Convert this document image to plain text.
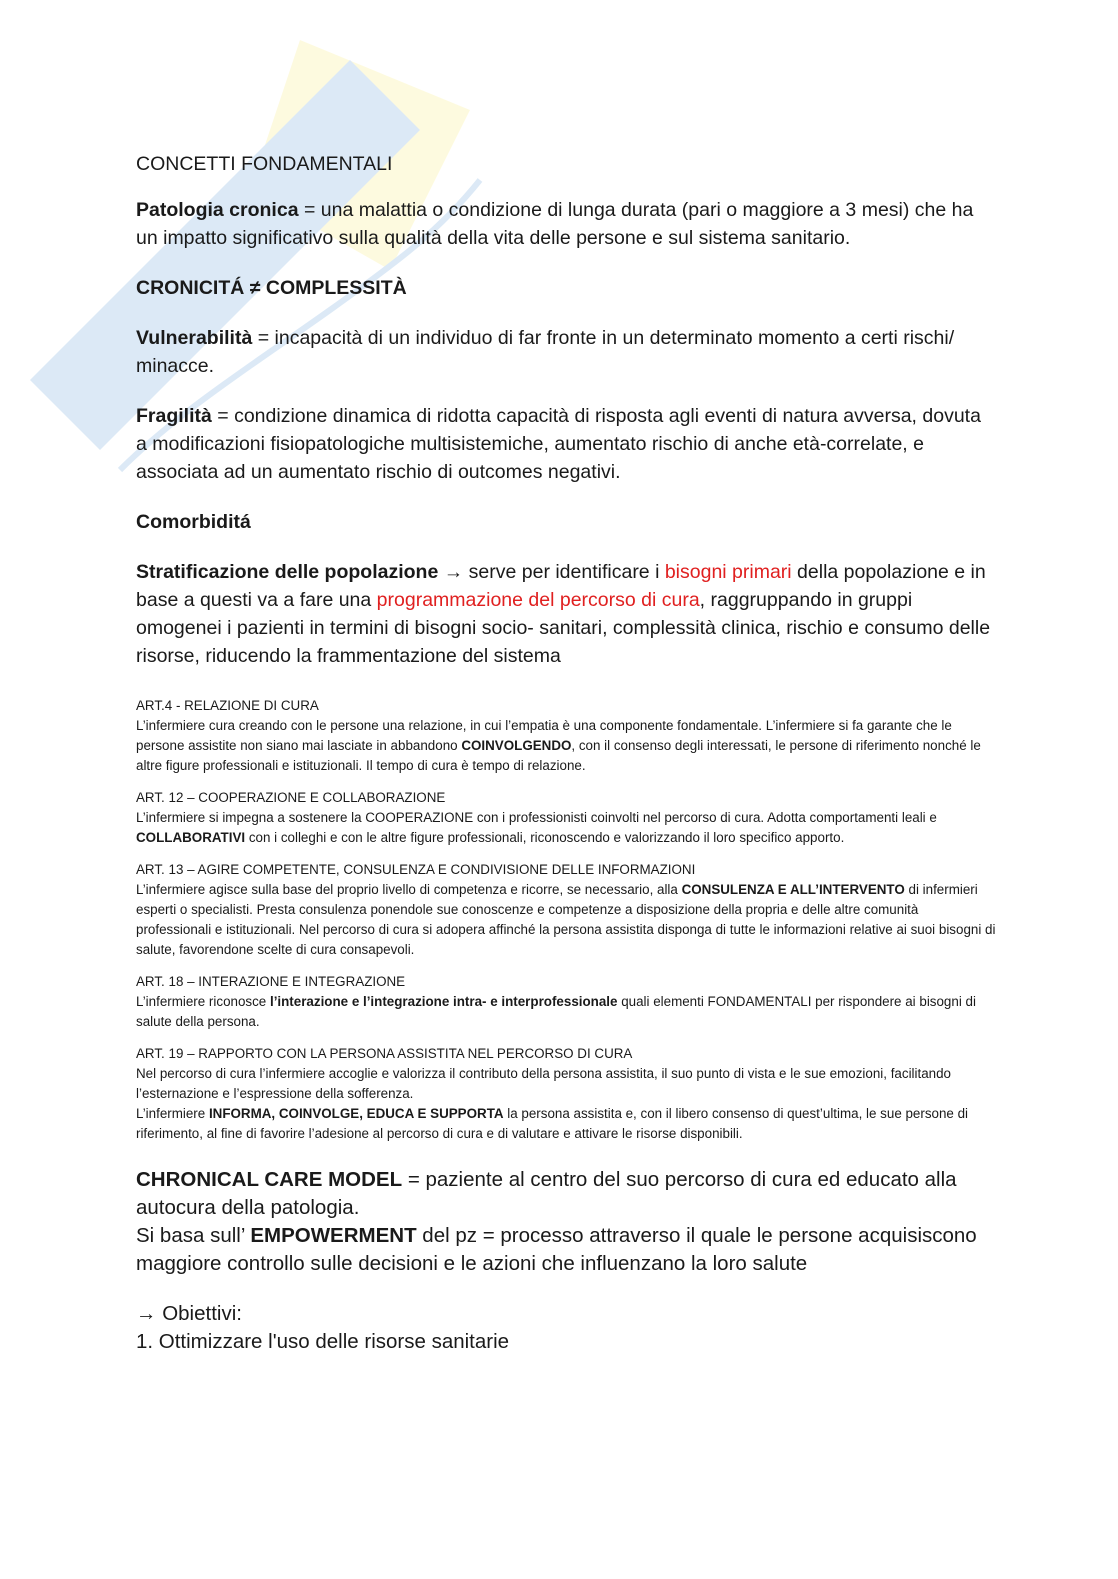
CONCETTI FONDAMENTALI

Patologia cronica = una malattia o condizione di lunga durata (pari o maggiore a 3 mesi) che ha un impatto significativo sulla qualità della vita delle persone e sul sistema sanitario.

CRONICITÁ ≠ COMPLESSITÀ

Vulnerabilità = incapacità di un individuo di far fronte in un determinato momento a certi rischi/ minacce.

Fragilità = condizione dinamica di ridotta capacità di risposta agli eventi di natura avversa, dovuta a modificazioni fisiopatologiche multisistemiche, aumentato rischio di anche età-correlate, e associata ad un aumentato rischio di outcomes negativi.

Comorbiditá

Stratificazione delle popolazione → serve per identificare i bisogni primari della popolazione e in base a questi va a fare una programmazione del percorso di cura, raggruppando in gruppi omogenei i pazienti in termini di bisogni socio- sanitari, complessità clinica, rischio e consumo delle risorse, riducendo la frammentazione del sistema

ART.4 - RELAZIONE DI CURA

L’infermiere cura creando con le persone una relazione, in cui l’empatia è una componente fondamentale. L’infermiere si fa garante che le persone assistite non siano mai lasciate in abbandono COINVOLGENDO, con il consenso degli interessati, le persone di riferimento nonché le altre figure professionali e istituzionali. Il tempo di cura è tempo di relazione.

ART. 12 – COOPERAZIONE E COLLABORAZIONE

L’infermiere si impegna a sostenere la COOPERAZIONE con i professionisti coinvolti nel percorso di cura. Adotta comportamenti leali e COLLABORATIVI con i colleghi e con le altre figure professionali, riconoscendo e valorizzando il loro specifico apporto.

ART. 13 – AGIRE COMPETENTE, CONSULENZA E CONDIVISIONE DELLE INFORMAZIONI

L’infermiere agisce sulla base del proprio livello di competenza e ricorre, se necessario, alla CONSULENZA E ALL’INTERVENTO di infermieri esperti o specialisti. Presta consulenza ponendole sue conoscenze e competenze a disposizione della propria e delle altre comunità professionali e istituzionali. Nel percorso di cura si adopera affinché la persona assistita disponga di tutte le informazioni relative ai suoi bisogni di salute, favorendone scelte di cura consapevoli.

ART. 18 – INTERAZIONE E INTEGRAZIONE

L’infermiere riconosce l’interazione e l’integrazione intra- e interprofessionale quali elementi FONDAMENTALI per rispondere ai bisogni di salute della persona.

ART. 19 – RAPPORTO CON LA PERSONA ASSISTITA NEL PERCORSO DI CURA

Nel percorso di cura l’infermiere accoglie e valorizza il contributo della persona assistita, il suo punto di vista e le sue emozioni, facilitando l’esternazione e l’espressione della sofferenza.

L’infermiere INFORMA, COINVOLGE, EDUCA E SUPPORTA la persona assistita e, con il libero consenso di quest’ultima, le sue persone di riferimento, al fine di favorire l’adesione al percorso di cura e di valutare e attivare le risorse disponibili.

CHRONICAL CARE MODEL = paziente al centro del suo percorso di cura ed educato alla autocura della patologia.

Si basa sull’ EMPOWERMENT del pz = processo attraverso il quale le persone acquisiscono maggiore controllo sulle decisioni e le azioni che influenzano la loro salute

→ Obiettivi:

1. Ottimizzare l'uso delle risorse sanitarie
